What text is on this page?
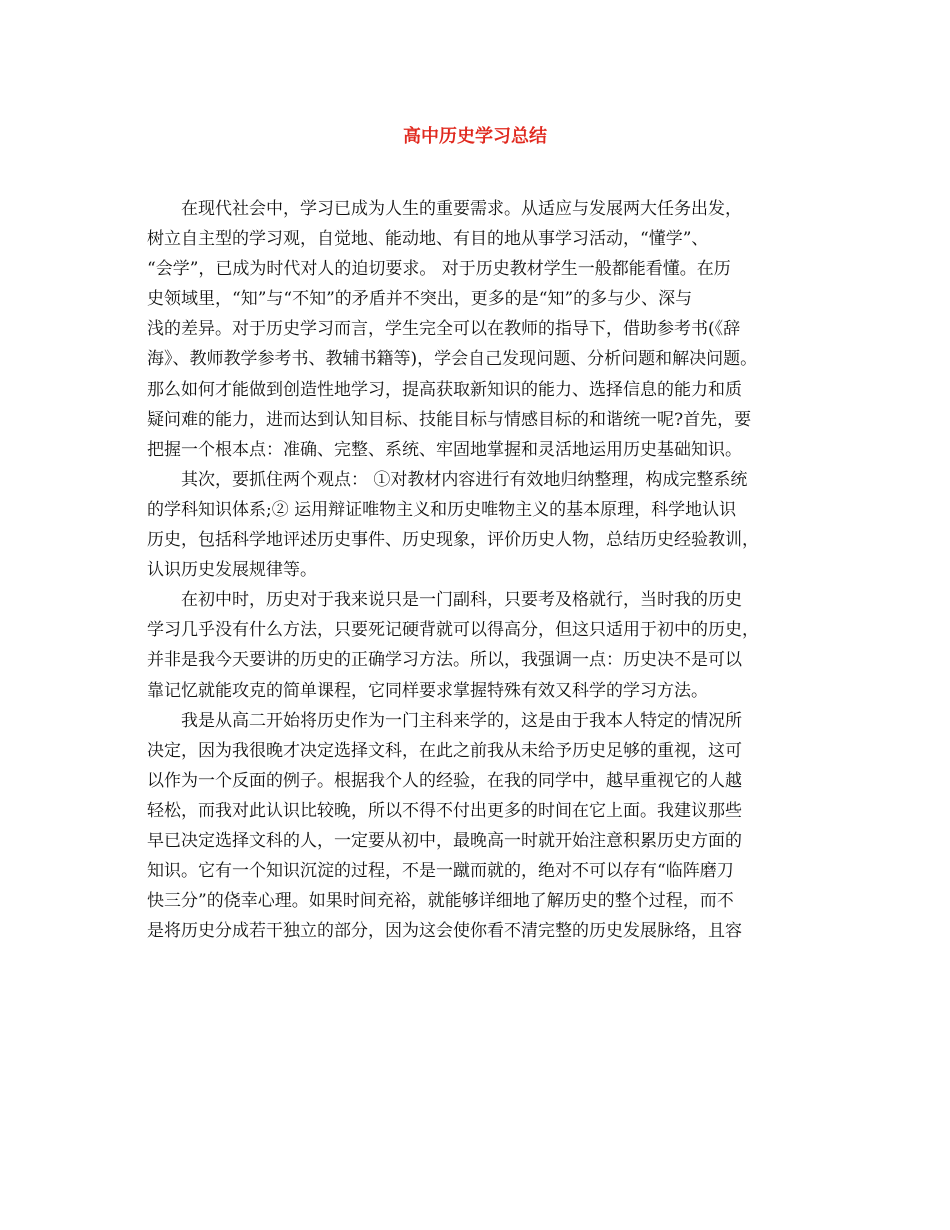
高中历史学习总结
在现代社会中，学习已成为人生的重要需求。从适应与发展两大任务出发，
树立自主型的学习观，自觉地、能动地、有目的地从事学习活动，“懂学”、
“会学”，已成为时代对人的迫切要求。 对于历史教材学生一般都能看懂。在历
史领域里，“知”与“不知”的矛盾并不突出，更多的是“知”的多与少、深与
浅的差异。对于历史学习而言，学生完全可以在教师的指导下，借助参考书(《辞
海》、教师教学参考书、教辅书籍等)，学会自己发现问题、分析问题和解决问题。
那么如何才能做到创造性地学习，提高获取新知识的能力、选择信息的能力和质
疑问难的能力，进而达到认知目标、技能目标与情感目标的和谐统一呢?首先，要
把握一个根本点：准确、完整、系统、牢固地掌握和灵活地运用历史基础知识。
其次，要抓住两个观点： ①对教材内容进行有效地归纳整理，构成完整系统
的学科知识体系;② 运用辩证唯物主义和历史唯物主义的基本原理，科学地认识
历史，包括科学地评述历史事件、历史现象，评价历史人物，总结历史经验教训，
认识历史发展规律等。
在初中时，历史对于我来说只是一门副科，只要考及格就行，当时我的历史
学习几乎没有什么方法，只要死记硬背就可以得高分，但这只适用于初中的历史，
并非是我今天要讲的历史的正确学习方法。所以，我强调一点：历史决不是可以
靠记忆就能攻克的简单课程，它同样要求掌握特殊有效又科学的学习方法。
我是从高二开始将历史作为一门主科来学的，这是由于我本人特定的情况所
决定，因为我很晚才决定选择文科，在此之前我从未给予历史足够的重视，这可
以作为一个反面的例子。根据我个人的经验，在我的同学中，越早重视它的人越
轻松，而我对此认识比较晚，所以不得不付出更多的时间在它上面。我建议那些
早已决定选择文科的人，一定要从初中，最晚高一时就开始注意积累历史方面的
知识。它有一个知识沉淀的过程，不是一蹴而就的，绝对不可以存有“临阵磨刀
快三分”的侥幸心理。如果时间充裕，就能够详细地了解历史的整个过程，而不
是将历史分成若干独立的部分，因为这会使你看不清完整的历史发展脉络，且容
